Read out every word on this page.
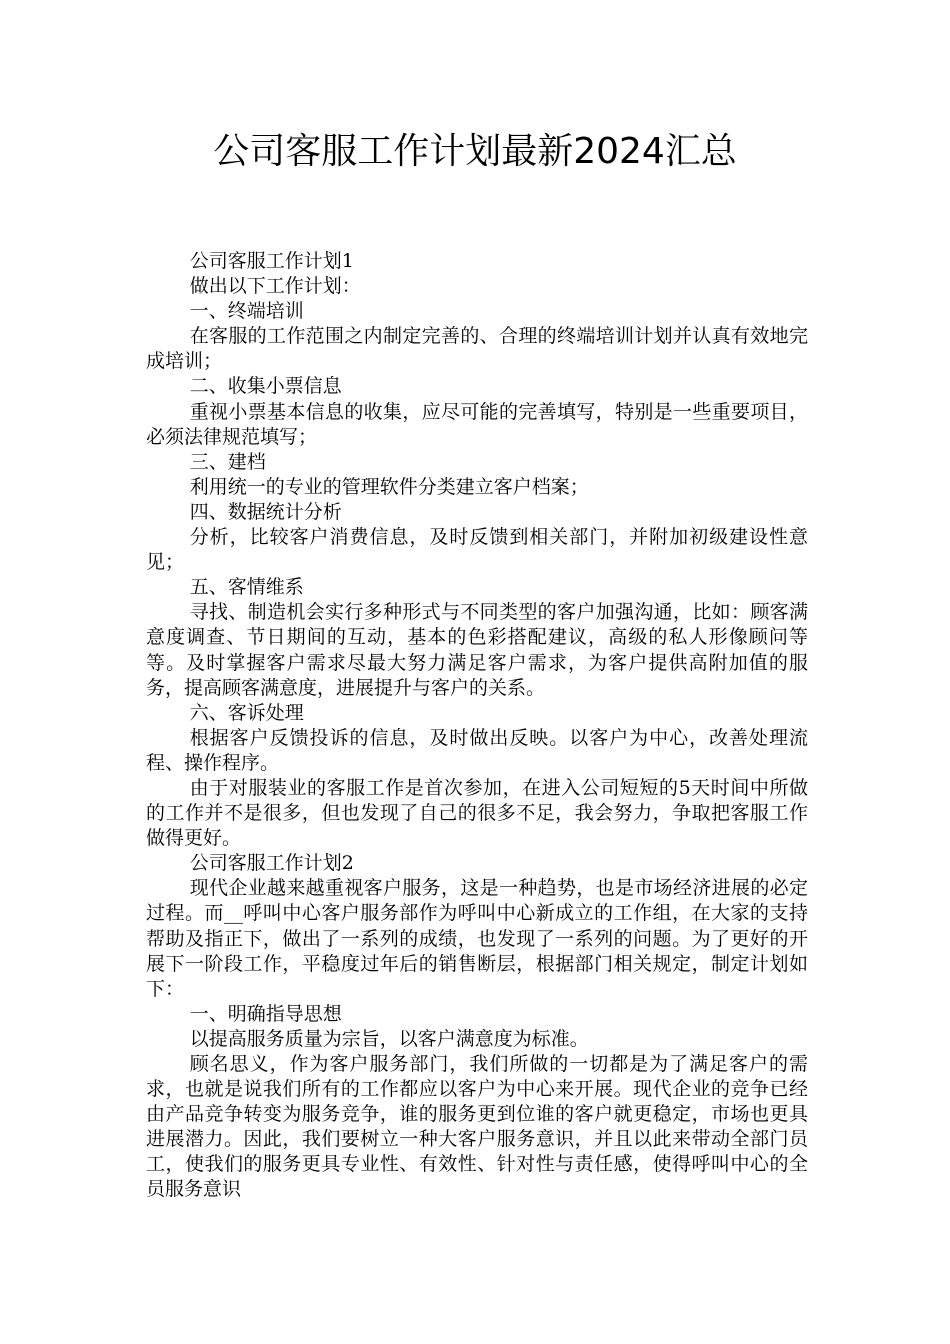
公司客服工作计划最新2024汇总

公司客服工作计划1

做出以下工作计划：

一、终端培训

在客服的工作范围之内制定完善的、合理的终端培训计划并认真有效地完成培训；

二、收集小票信息

重视小票基本信息的收集，应尽可能的完善填写，特别是一些重要项目，必须法律规范填写；

三、建档

利用统一的专业的管理软件分类建立客户档案；

四、数据统计分析

分析，比较客户消费信息，及时反馈到相关部门，并附加初级建设性意见；

五、客情维系

寻找、制造机会实行多种形式与不同类型的客户加强沟通，比如：顾客满意度调查、节日期间的互动，基本的色彩搭配建议，高级的私人形像顾问等等。及时掌握客户需求尽最大努力满足客户需求，为客户提供高附加值的服务，提高顾客满意度，进展提升与客户的关系。

六、客诉处理

根据客户反馈投诉的信息，及时做出反映。以客户为中心，改善处理流程、操作程序。

由于对服装业的客服工作是首次参加，在进入公司短短的5天时间中所做的工作并不是很多，但也发现了自己的很多不足，我会努力，争取把客服工作做得更好。

公司客服工作计划2

现代企业越来越重视客户服务，这是一种趋势，也是市场经济进展的必定过程。而__呼叫中心客户服务部作为呼叫中心新成立的工作组，在大家的支持帮助及指正下，做出了一系列的成绩，也发现了一系列的问题。为了更好的开展下一阶段工作，平稳度过年后的销售断层，根据部门相关规定，制定计划如下：

一、明确指导思想

以提高服务质量为宗旨，以客户满意度为标准。

顾名思义，作为客户服务部门，我们所做的一切都是为了满足客户的需求，也就是说我们所有的工作都应以客户为中心来开展。现代企业的竞争已经由产品竞争转变为服务竞争，谁的服务更到位谁的客户就更稳定，市场也更具进展潜力。因此，我们要树立一种大客户服务意识，并且以此来带动全部门员工，使我们的服务更具专业性、有效性、针对性与责任感，使得呼叫中心的全员服务意识
